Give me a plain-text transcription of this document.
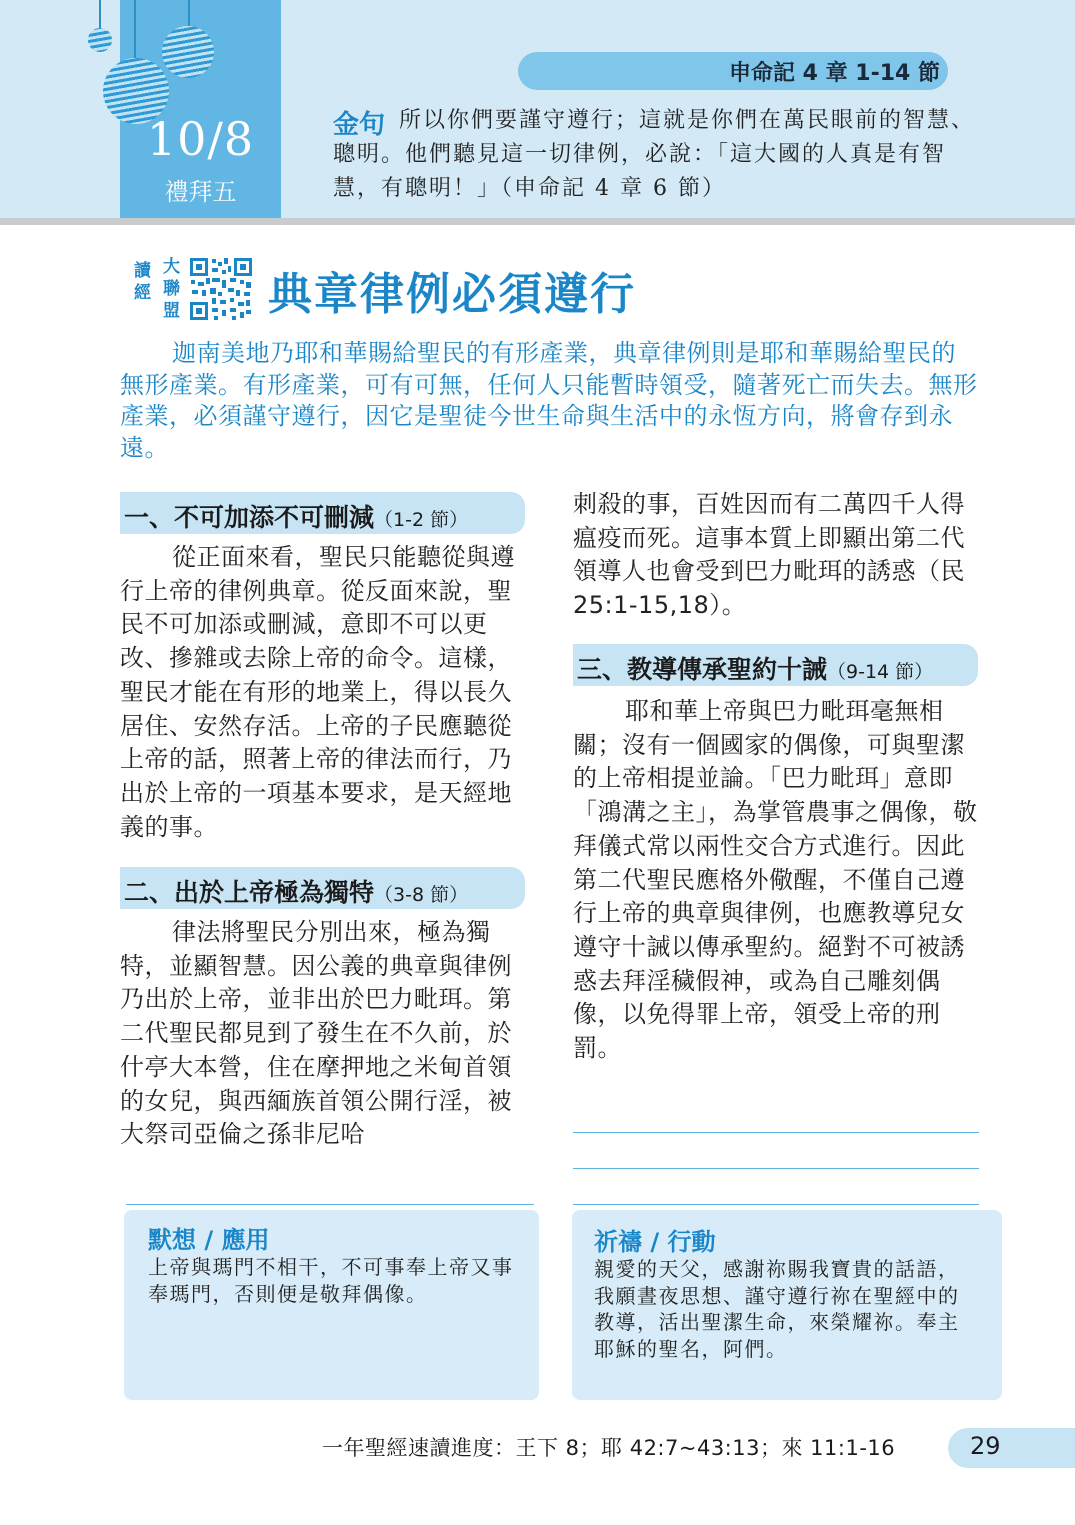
10/8
禮拜五
申命記 4 章 1-14 節
金句 所以你們要謹守遵行；這就是你們在萬民眼前的智慧、聰明。他們聽見這一切律例，必說：「這大國的人真是有智慧，有聰明！」（申命記 4 章 6 節）
讀經
大聯盟 典章律例必須遵行
迦南美地乃耶和華賜給聖民的有形產業，典章律例則是耶和華賜給聖民的無形產業。有形產業，可有可無，任何人只能暫時領受，隨著死亡而失去。無形產業，必須謹守遵行，因它是聖徒今世生命與生活中的永恆方向，將會存到永遠。
一、不可加添不可刪減（1-2 節）
從正面來看，聖民只能聽從與遵行上帝的律例典章。從反面來說，聖民不可加添或刪減，意即不可以更改、摻雜或去除上帝的命令。這樣，聖民才能在有形的地業上，得以長久居住、安然存活。上帝的子民應聽從上帝的話，照著上帝的律法而行，乃出於上帝的一項基本要求，是天經地義的事。
二、出於上帝極為獨特（3-8 節）
律法將聖民分別出來，極為獨特，並顯智慧。因公義的典章與律例乃出於上帝，並非出於巴力毗珥。第二代聖民都見到了發生在不久前，於什亭大本營，住在摩押地之米甸首領的女兒，與西緬族首領公開行淫，被大祭司亞倫之孫非尼哈
刺殺的事，百姓因而有二萬四千人得瘟疫而死。這事本質上即顯出第二代領導人也會受到巴力毗珥的誘惑（民 25:1-15,18）。
三、教導傳承聖約十誡（9-14 節）
耶和華上帝與巴力毗珥毫無相關；沒有一個國家的偶像，可與聖潔的上帝相提並論。「巴力毗珥」意即「鴻溝之主」，為掌管農事之偶像，敬拜儀式常以兩性交合方式進行。因此第二代聖民應格外儆醒，不僅自己遵行上帝的典章與律例，也應教導兒女遵守十誡以傳承聖約。絕對不可被誘惑去拜淫穢假神，或為自己雕刻偶像，以免得罪上帝，領受上帝的刑罰。
默想 / 應用
上帝與瑪門不相干，不可事奉上帝又事奉瑪門，否則便是敬拜偶像。
祈禱 / 行動
親愛的天父，感謝祢賜我寶貴的話語，我願晝夜思想、謹守遵行祢在聖經中的教導，活出聖潔生命，來榮耀祢。奉主耶穌的聖名，阿們。
一年聖經速讀進度：王下 8；耶 42:7~43:13；來 11:1-16	29
